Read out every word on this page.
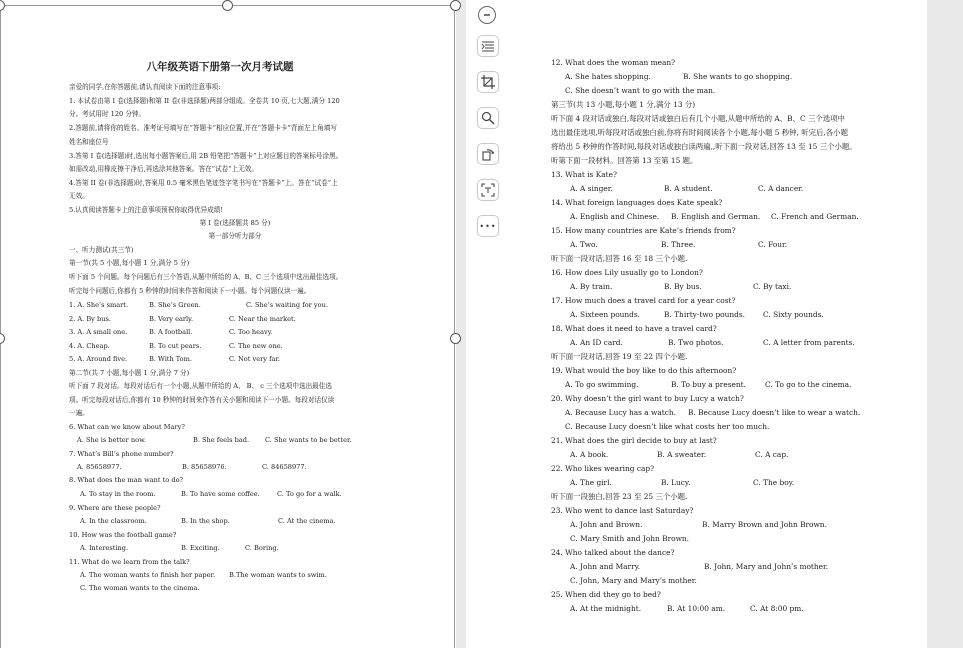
八年级英语下册第一次月考试题
亲爱的同学,在你答题前,请认真阅读下面的注意事项:
1. 本试卷由第 I 卷(选择题)和第 II 卷(非选择题)两部分组成。全卷共 10 页,七大题,满分 120
分。考试用时 120 分钟。
2.答题前,请将你的姓名、准考证号填写在“答题卡”相应位置,并在“答题卡卡”背面左上角填写
姓名和座位号
3.答第 I 卷(选择题)时,选出每小题答案后,用 2B 铅笔把“答题卡”上对应题目的答案标号涂黑。
如需改动,用橡皮擦干净后,再选涂其他答案。答在“试卷”上无效。
4.答第 II 卷(非选择题)时,答案用 0.5 毫米黑色笔迹签字笔书写在“答题卡”上。答在“试卷”上
无效。
5.认真阅读答题卡上的注意事项预祝你取得优异成绩!
第 I 卷(选择题共 85 分)
第一部分听力部分
一、听力测试(共三节)
第一节(共 5 小题,每小题 1 分,满分 5 分)
听下面 5 个问题。每个问题后有三个答语,从题中所给的 A、B、C 三个选项中选出最佳选项。
听完每个问题后,你都有 5 秒钟的时间来作答和阅读下一小题。每个问题仅读一遍。
1. A. She’s smart.	B. She’s Green.	C. She’s waiting for you.
2. A. By bus.	B. Very early.	C. Near the market.
3. A. A small one.	B. A football.	C. Too heavy.
4. A. Cheap.	B. To cut pears.	C. The new one.
5. A. Around five.	B. With Tom.	C. Not very far.
第二节(共 7 小题,每小题 1 分,满分 7 分)
听下面 7 段对话。每段对话后有一个小题,从题中所给的 A、 B、 c 三个选项中选出最佳选
项。听完每段对话后,你都有 10 秒钟的时间来作答有关小题和阅读下一小题。每段对话仅读
一遍。
6. What can we know about Mary?
A. She is better now.	B. She feels bad. C. She wants to be better.
7. What’s Bill’s phone number?
A. 85658977.	B. 85658976.	C. 84658977.
8. What does the man want to do?
A. To stay in the room.	B. To have some coffee.	C. To go for a walk.
9. Where are these people?
A. In the classroom.	B. In the shop.	C. At the cinema.
10. How was the football game?
A. Interesting.	B. Exciting.	C. Boring.
11. What do we learn from the talk?
A. The woman wants to finish her paper. B.The woman wants to swim.
C. The woman wants to the cinema.
12. What does the woman mean?
A. She hates shopping.	B. She wants to go shopping.
C. She doesn’t want to go with the man.
第三节(共 13 小题,每小题 1 分,满分 13 分)
听下面 4 段对话或独白,每段对话或独白后有几个小题,从题中所给的 A、B、C 三个选项中
选出最佳选项,听每段对话或独白前,你将有时间阅读各个小题,每小题 5 秒钟, 听完后,各小题
将给出 5 秒钟的作答时间,每段对话或独白读两遍,,听下面一段对话,回答 13 至 15 三个小题。
听第下面一段材料。回答第 13 至第 15 题。
13. What is Kate?
A. A singer.	B. A student.	C. A dancer.
14. What foreign languages does Kate speak?
A. English and Chinese. B. English and German. C. French and German.
15. How many countries are Kate’s friends from?
A. Two.	B. Three.	C. Four.
听下面一段对话,回答 16 至 18 三个小题.
16. How does Lily usually go to London?
A. By train.	B. By bus.	C. By taxi.
17. How much does a travel card for a year cost?
A. Sixteen pounds.	B. Thirty-two pounds. C. Sixty pounds.
18. What does it need to have a travel card?
A. An ID card.	B. Two photos.	C. A letter from parents.
听下面一段对话,回答 19 至 22 四个小题.
19. What would the boy like to do this afternoon?
A. To go swimming.	B. To buy a present.	C. To go to the cinema.
20. Why doesn’t the girl want to buy Lucy a watch?
A. Because Lucy has a watch. B. Because Lucy doesn’t like to wear a watch.
C. Because Lucy doesn’t like what costs her too much.
21. What does the girl decide to buy at last?
A. A book.	B. A sweater.	C. A cap.
22. Who likes wearing cap?
A. The girl.	B. Lucy.	C. The boy.
听下面一段独白,回答 23 至 25 三个小题.
23. Who went to dance last Saturday?
A. John and Brown.	B. Marry Brown and John Brown.
C. Mary Smith and John Brown.
24. Who talked about the dance?
A. John and Marry.	B. John, Mary and John’s mother.
C. John, Mary and Mary’s mother.
25. When did they go to bed?
A. At the midnight.	B. At 10:00 am.	C. At 8:00 pm.
•••
